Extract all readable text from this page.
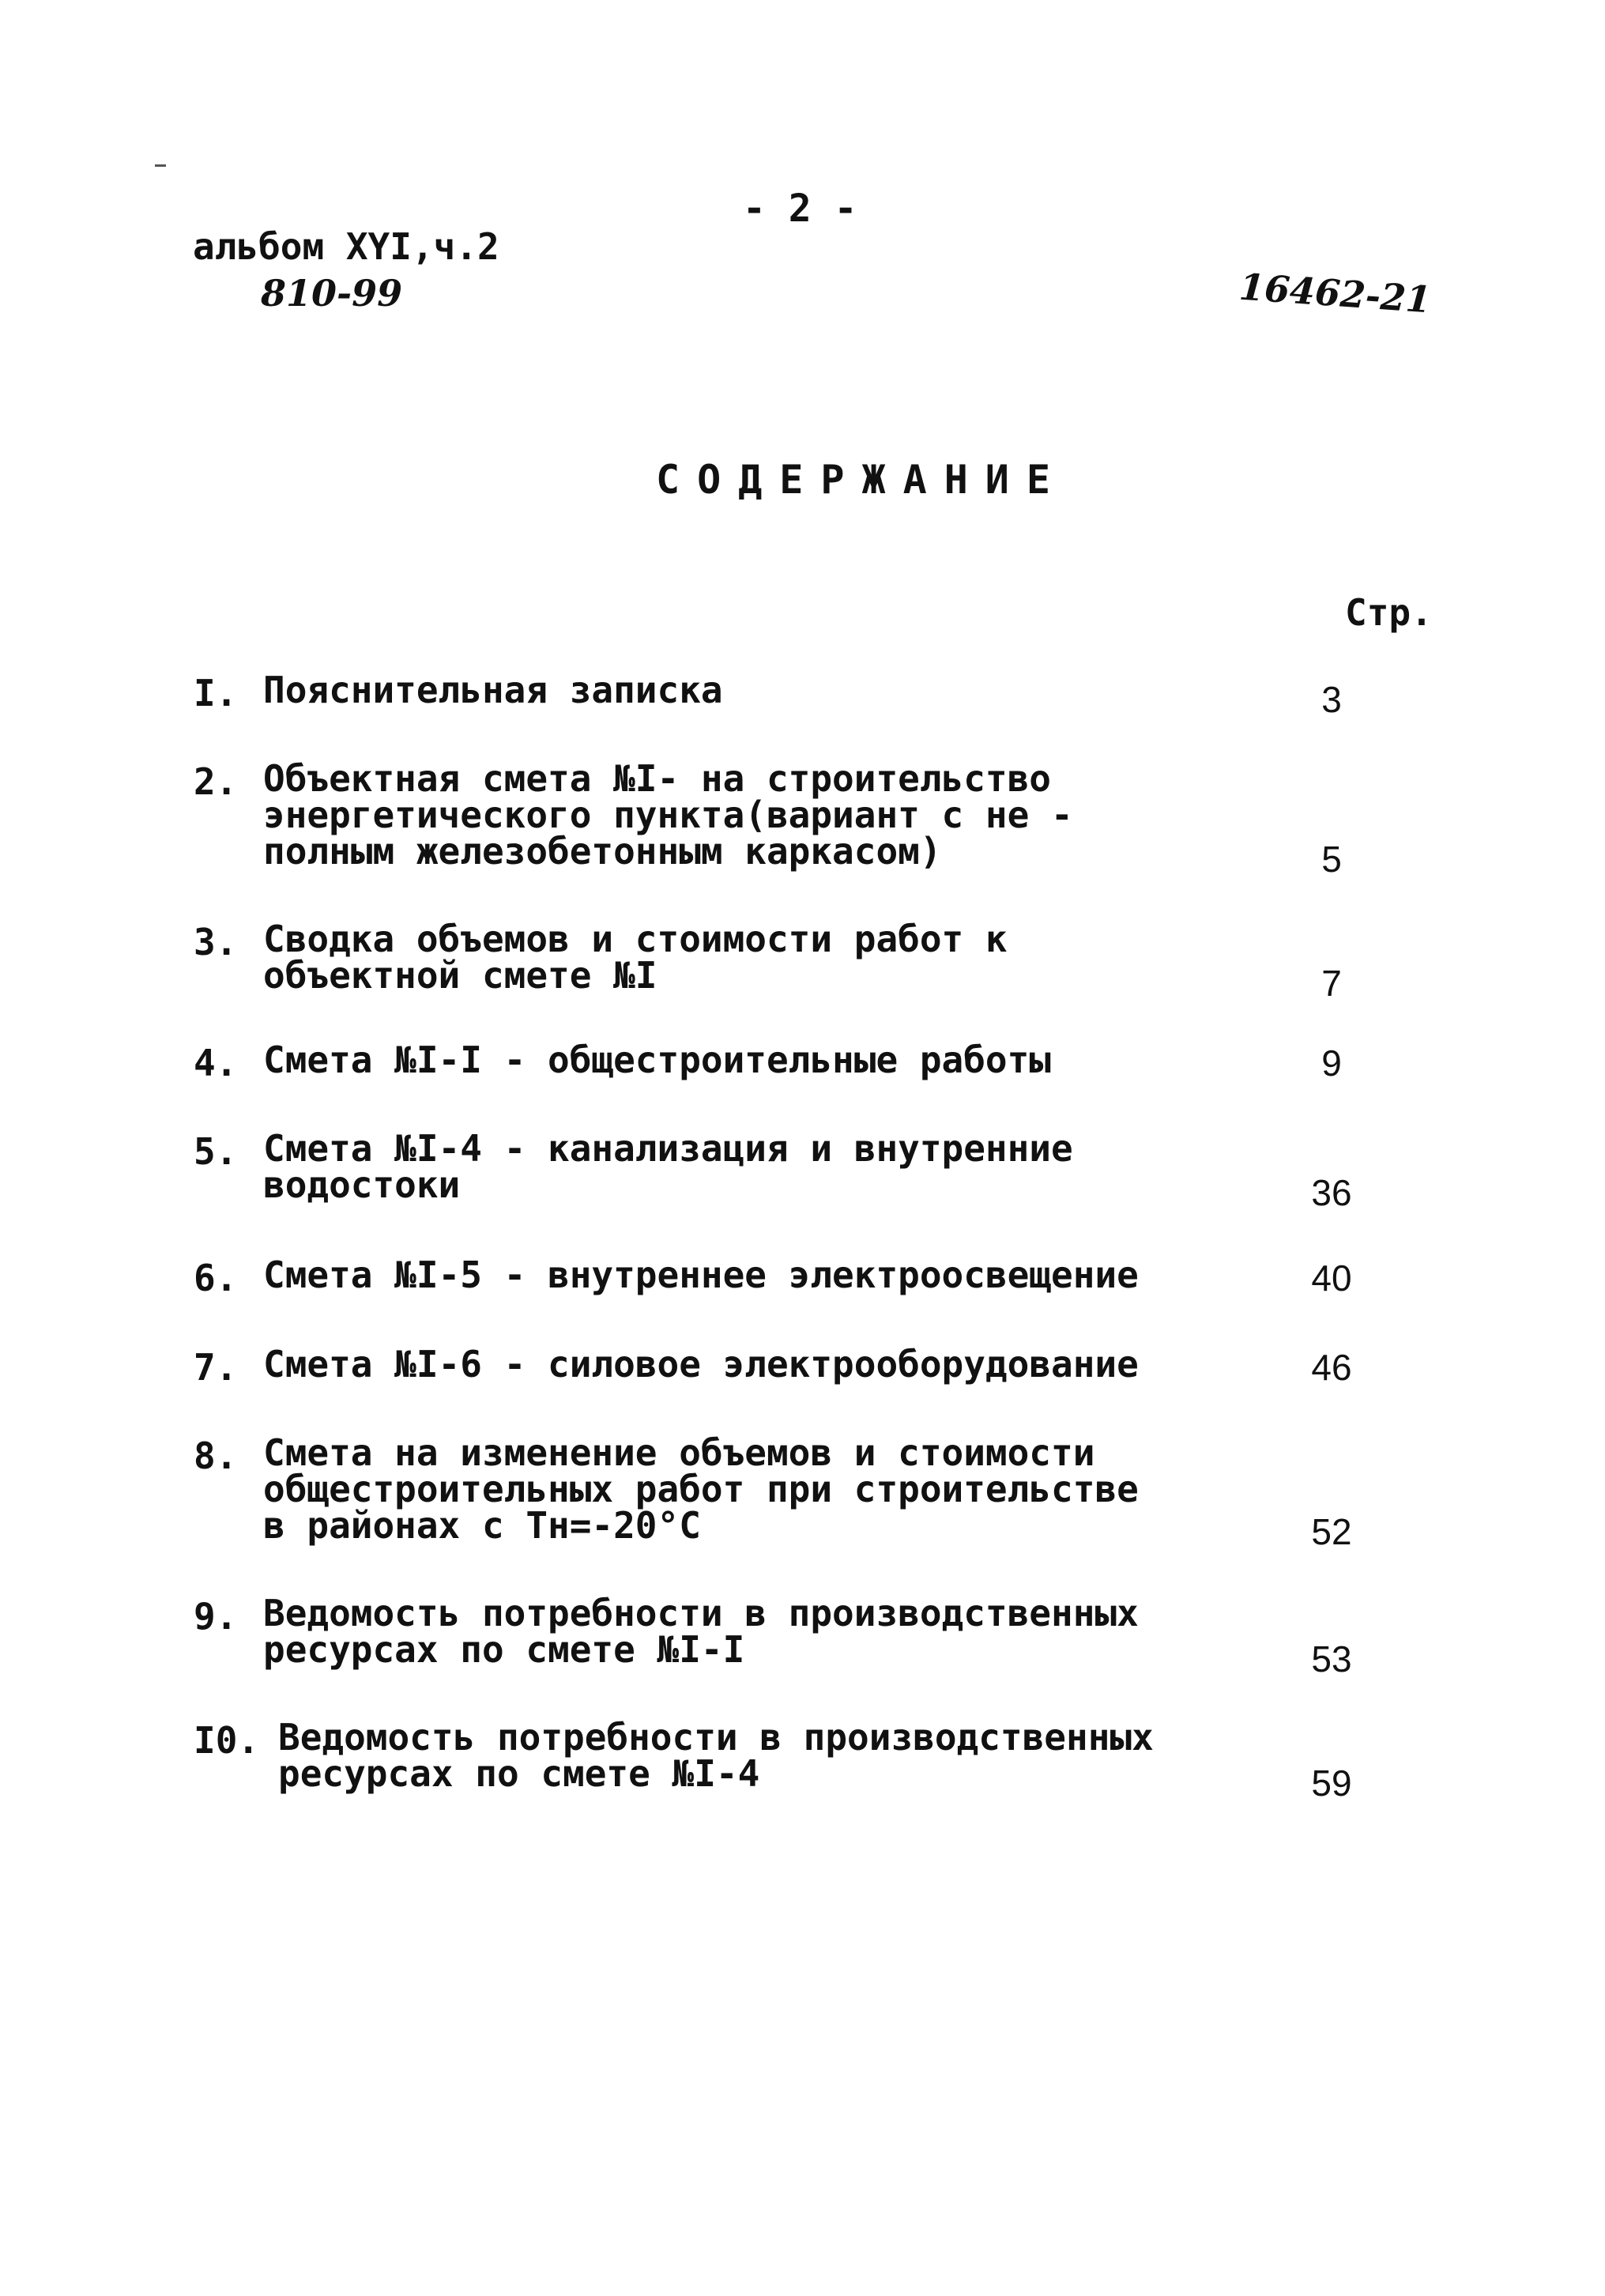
- 2 -
альбом XYI,ч.2
810-99	16462-21
СОДЕРЖАНИЕ
Стр.
I. Пояснительная записка	3
2. Объектная смета №I- на строительство
энергетического пункта(вариант с не -
полным железобетонным каркасом)	5
3. Сводка объемов и стоимости работ к
объектной смете №I	7
4. Смета №I-I - общестроительные работы	9
5. Смета №I-4 - канализация и внутренние
водостоки	36
6. Смета №I-5 - внутреннее электроосвещение	40
7. Смета №I-6 - силовое электрооборудование	46
8. Смета на изменение объемов и стоимости
общестроительных работ при строительстве
в районах с Тн=-20°С	52
9. Ведомость потребности в производственных
ресурсах по смете №I-I	53
I0. Ведомость потребности в производственных
ресурсах по смете №I-4	59
